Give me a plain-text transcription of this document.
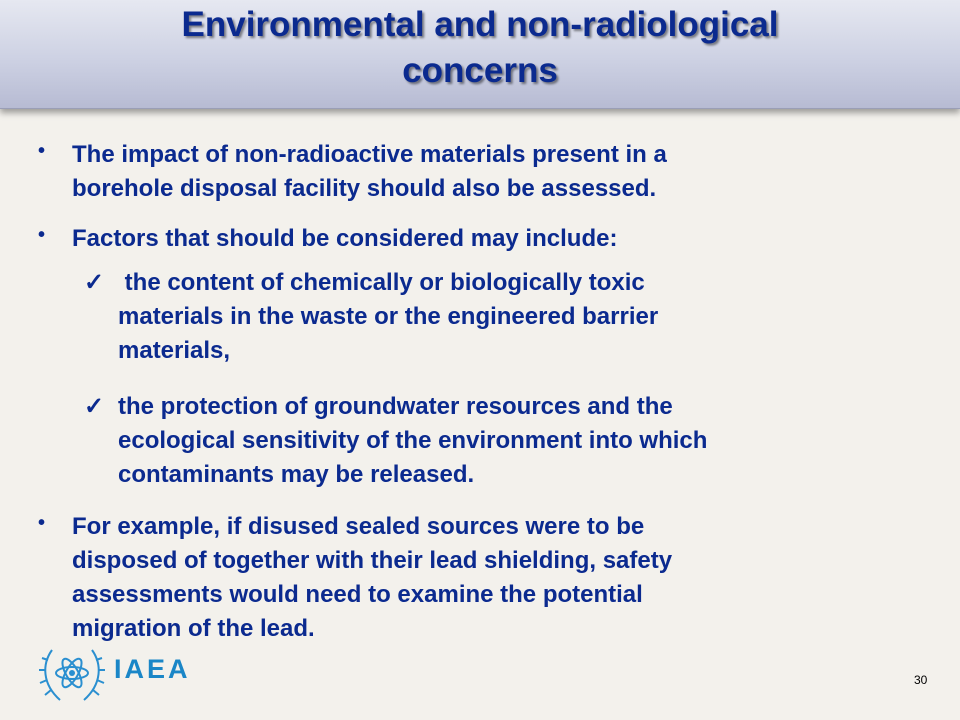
Environmental and non-radiological
concerns
• The impact of non-radioactive materials present in a
borehole disposal facility should also be assessed.
• Factors that should be considered may include:
✓ the content of chemically or biologically toxic
materials in the waste or the engineered barrier
materials,
✓ the protection of groundwater resources and the
ecological sensitivity of the environment into which
contaminants may be released.
• For example, if disused sealed sources were to be
disposed of together with their lead shielding, safety
assessments would need to examine the potential
migration of the lead.
IAEA	30
